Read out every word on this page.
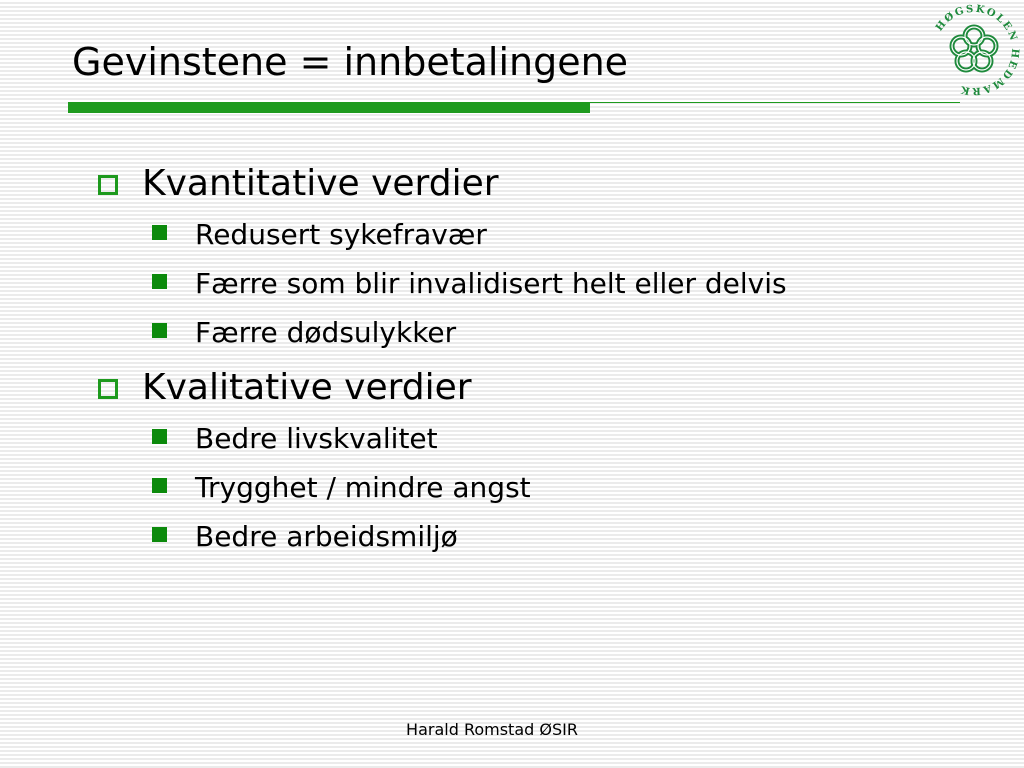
Gevinstene = innbetalingene
HØGSKOLEN HEDMARK
Kvantitative verdier
Redusert sykefravær
Færre som blir invalidisert helt eller delvis
Færre dødsulykker
Kvalitative verdier
Bedre livskvalitet
Trygghet / mindre angst
Bedre arbeidsmiljø
Harald Romstad ØSIR
